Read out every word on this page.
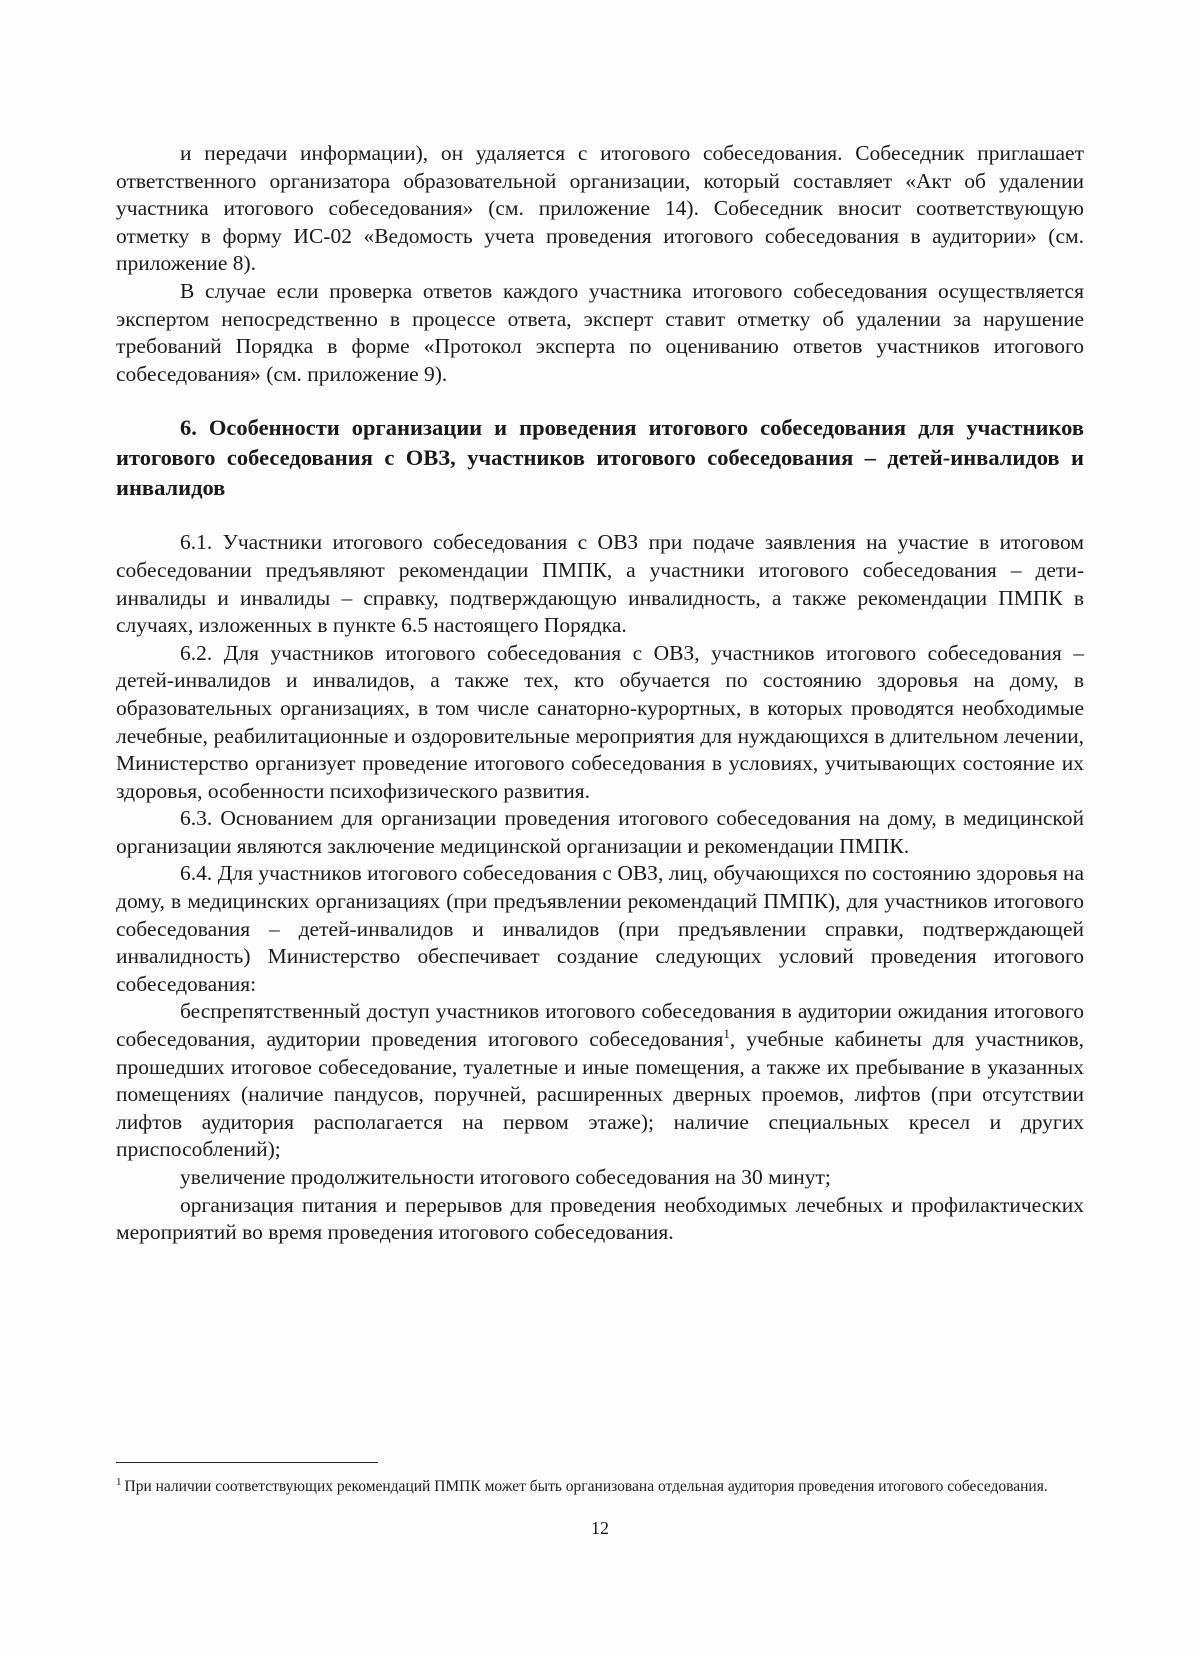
и передачи информации), он удаляется с итогового собеседования. Собеседник приглашает ответственного организатора образовательной организации, который составляет «Акт об удалении участника итогового собеседования» (см. приложение 14). Собеседник вносит соответствующую отметку в форму ИС-02 «Ведомость учета проведения итогового собеседования в аудитории» (см. приложение 8).

В случае если проверка ответов каждого участника итогового собеседования осуществляется экспертом непосредственно в процессе ответа, эксперт ставит отметку об удалении за нарушение требований Порядка в форме «Протокол эксперта по оцениванию ответов участников итогового собеседования» (см. приложение 9).

6. Особенности организации и проведения итогового собеседования для участников итогового собеседования с ОВЗ, участников итогового собеседования – детей-инвалидов и инвалидов

6.1. Участники итогового собеседования с ОВЗ при подаче заявления на участие в итоговом собеседовании предъявляют рекомендации ПМПК, а участники итогового собеседования – дети-инвалиды и инвалиды – справку, подтверждающую инвалидность, а также рекомендации ПМПК в случаях, изложенных в пункте 6.5 настоящего Порядка.

6.2. Для участников итогового собеседования с ОВЗ, участников итогового собеседования – детей-инвалидов и инвалидов, а также тех, кто обучается по состоянию здоровья на дому, в образовательных организациях, в том числе санаторно-курортных, в которых проводятся необходимые лечебные, реабилитационные и оздоровительные мероприятия для нуждающихся в длительном лечении, Министерство организует проведение итогового собеседования в условиях, учитывающих состояние их здоровья, особенности психофизического развития.

6.3. Основанием для организации проведения итогового собеседования на дому, в медицинской организации являются заключение медицинской организации и рекомендации ПМПК.

6.4. Для участников итогового собеседования с ОВЗ, лиц, обучающихся по состоянию здоровья на дому, в медицинских организациях (при предъявлении рекомендаций ПМПК), для участников итогового собеседования – детей-инвалидов и инвалидов (при предъявлении справки, подтверждающей инвалидность) Министерство обеспечивает создание следующих условий проведения итогового собеседования:

беспрепятственный доступ участников итогового собеседования в аудитории ожидания итогового собеседования, аудитории проведения итогового собеседования$^1$, учебные кабинеты для участников, прошедших итоговое собеседование, туалетные и иные помещения, а также их пребывание в указанных помещениях (наличие пандусов, поручней, расширенных дверных проемов, лифтов (при отсутствии лифтов аудитория располагается на первом этаже); наличие специальных кресел и других приспособлений);

увеличение продолжительности итогового собеседования на 30 минут;

организация питания и перерывов для проведения необходимых лечебных и профилактических мероприятий во время проведения итогового собеседования.

$^1$ При наличии соответствующих рекомендаций ПМПК может быть организована отдельная аудитория проведения итогового собеседования.

12
